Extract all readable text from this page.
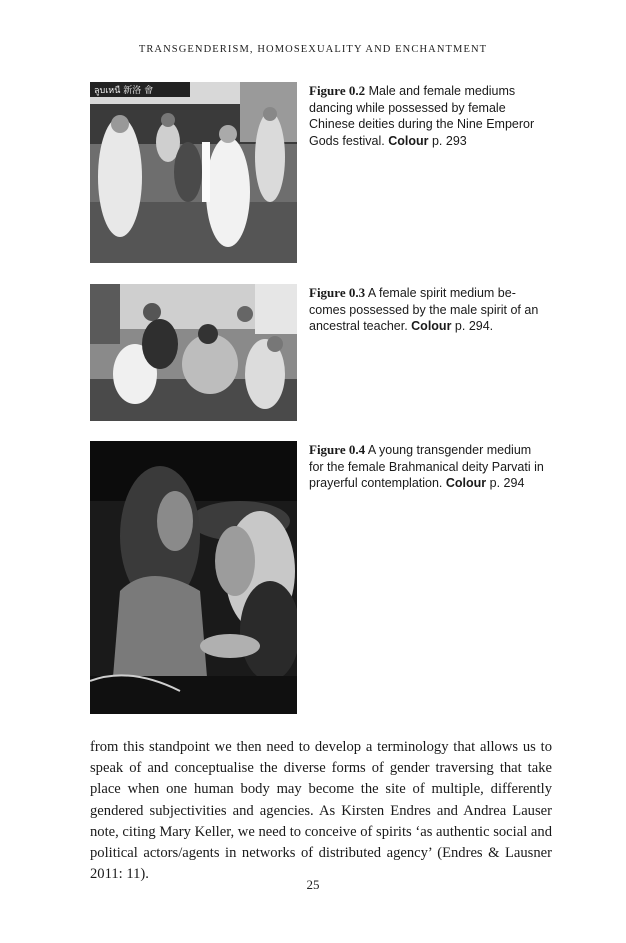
TRANSGENDERISM, HOMOSEXUALITY AND ENCHANTMENT
ลูบเหนื 新洛 會	Figure 0.2 Male and female mediums
dancing while possessed by female
Chinese deities during the Nine Emperor
Gods festival. Colour p. 293
Figure 0.3 A female spirit medium be-
comes possessed by the male spirit of an
ancestral teacher. Colour p. 294.
Figure 0.4 A young transgender medium
for the female Brahmanical deity Parvati in
prayerful contemplation. Colour p. 294

from this standpoint we then need to develop a terminology that allows us to speak of and conceptualise the diverse forms of gender traversing that take place when one human body may become the site of multiple, differently gendered subjectivities and agencies. As Kirsten Endres and Andrea Lauser note, citing Mary Keller, we need to conceive of spirits ‘as authentic social and political actors/agents in networks of distributed agency’ (Endres & Lausner 2011: 11).

25
